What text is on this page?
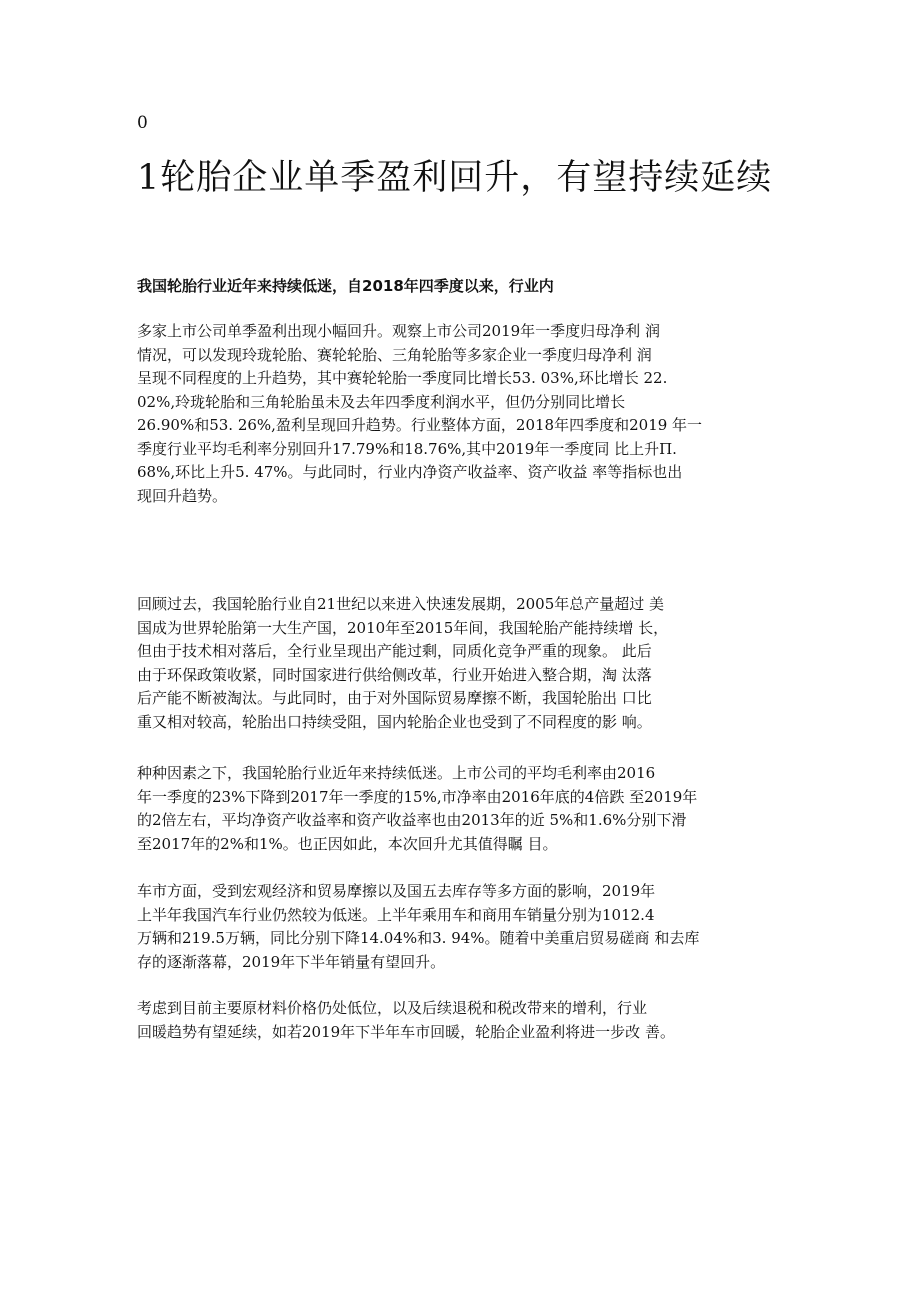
0
1轮胎企业单季盈利回升，有望持续延续

我国轮胎行业近年来持续低迷，自2018年四季度以来，行业内

多家上市公司单季盈利出现小幅回升。观察上市公司2019年一季度归母净利 润
情况，可以发现玲珑轮胎、赛轮轮胎、三角轮胎等多家企业一季度归母净利 润
呈现不同程度的上升趋势，其中赛轮轮胎一季度同比增长53. 03%,环比增长 22.
02%,玲珑轮胎和三角轮胎虽未及去年四季度利润水平，但仍分别同比增长
26.90%和53. 26%,盈利呈现回升趋势。行业整体方面，2018年四季度和2019 年一
季度行业平均毛利率分别回升17.79%和18.76%,其中2019年一季度同 比上升Π.
68%,环比上升5. 47%。与此同时，行业内净资产收益率、资产收益 率等指标也出
现回升趋势。
回顾过去，我国轮胎行业自21世纪以来进入快速发展期，2005年总产量超过 美
国成为世界轮胎第一大生产国，2010年至2015年间，我国轮胎产能持续增 长，
但由于技术相对落后，全行业呈现出产能过剩，同质化竞争严重的现象。 此后
由于环保政策收紧，同时国家进行供给侧改革，行业开始进入整合期，淘 汰落
后产能不断被淘汰。与此同时，由于对外国际贸易摩擦不断，我国轮胎出 口比
重又相对较高，轮胎出口持续受阻，国内轮胎企业也受到了不同程度的影 响。
种种因素之下，我国轮胎行业近年来持续低迷。上市公司的平均毛利率由2016
年一季度的23%下降到2017年一季度的15%,市净率由2016年底的4倍跌 至2019年
的2倍左右，平均净资产收益率和资产收益率也由2013年的近 5%和1.6%分别下滑
至2017年的2%和1%。也正因如此，本次回升尤其值得瞩 目。
车市方面，受到宏观经济和贸易摩擦以及国五去库存等多方面的影响，2019年
上半年我国汽车行业仍然较为低迷。上半年乘用车和商用车销量分别为1012.4
万辆和219.5万辆，同比分别下降14.04%和3. 94%。随着中美重启贸易磋商 和去库
存的逐渐落幕，2019年下半年销量有望回升。
考虑到目前主要原材料价格仍处低位，以及后续退税和税改带来的增利，行业
回暖趋势有望延续，如若2019年下半年车市回暖，轮胎企业盈利将进一步改 善。
